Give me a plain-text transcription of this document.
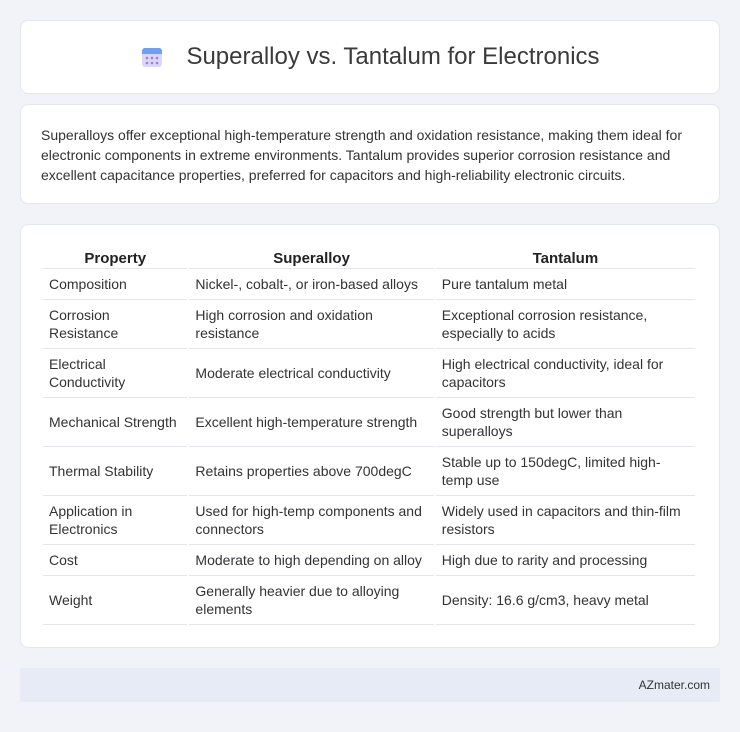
Superalloy vs. Tantalum for Electronics

Superalloys offer exceptional high-temperature strength and oxidation resistance, making them ideal for electronic components in extreme environments. Tantalum provides superior corrosion resistance and excellent capacitance properties, preferred for capacitors and high-reliability electronic circuits.

Property	Superalloy	Tantalum
Composition	Nickel-, cobalt-, or iron-based alloys	Pure tantalum metal
Corrosion Resistance	High corrosion and oxidation resistance	Exceptional corrosion resistance, especially to acids
Electrical Conductivity	Moderate electrical conductivity	High electrical conductivity, ideal for capacitors
Mechanical Strength	Excellent high-temperature strength	Good strength but lower than superalloys
Thermal Stability	Retains properties above 700degC	Stable up to 150degC, limited high-temp use
Application in Electronics	Used for high-temp components and connectors	Widely used in capacitors and thin-film resistors
Cost	Moderate to high depending on alloy	High due to rarity and processing
Weight	Generally heavier due to alloying elements	Density: 16.6 g/cm3, heavy metal
AZmater.com
